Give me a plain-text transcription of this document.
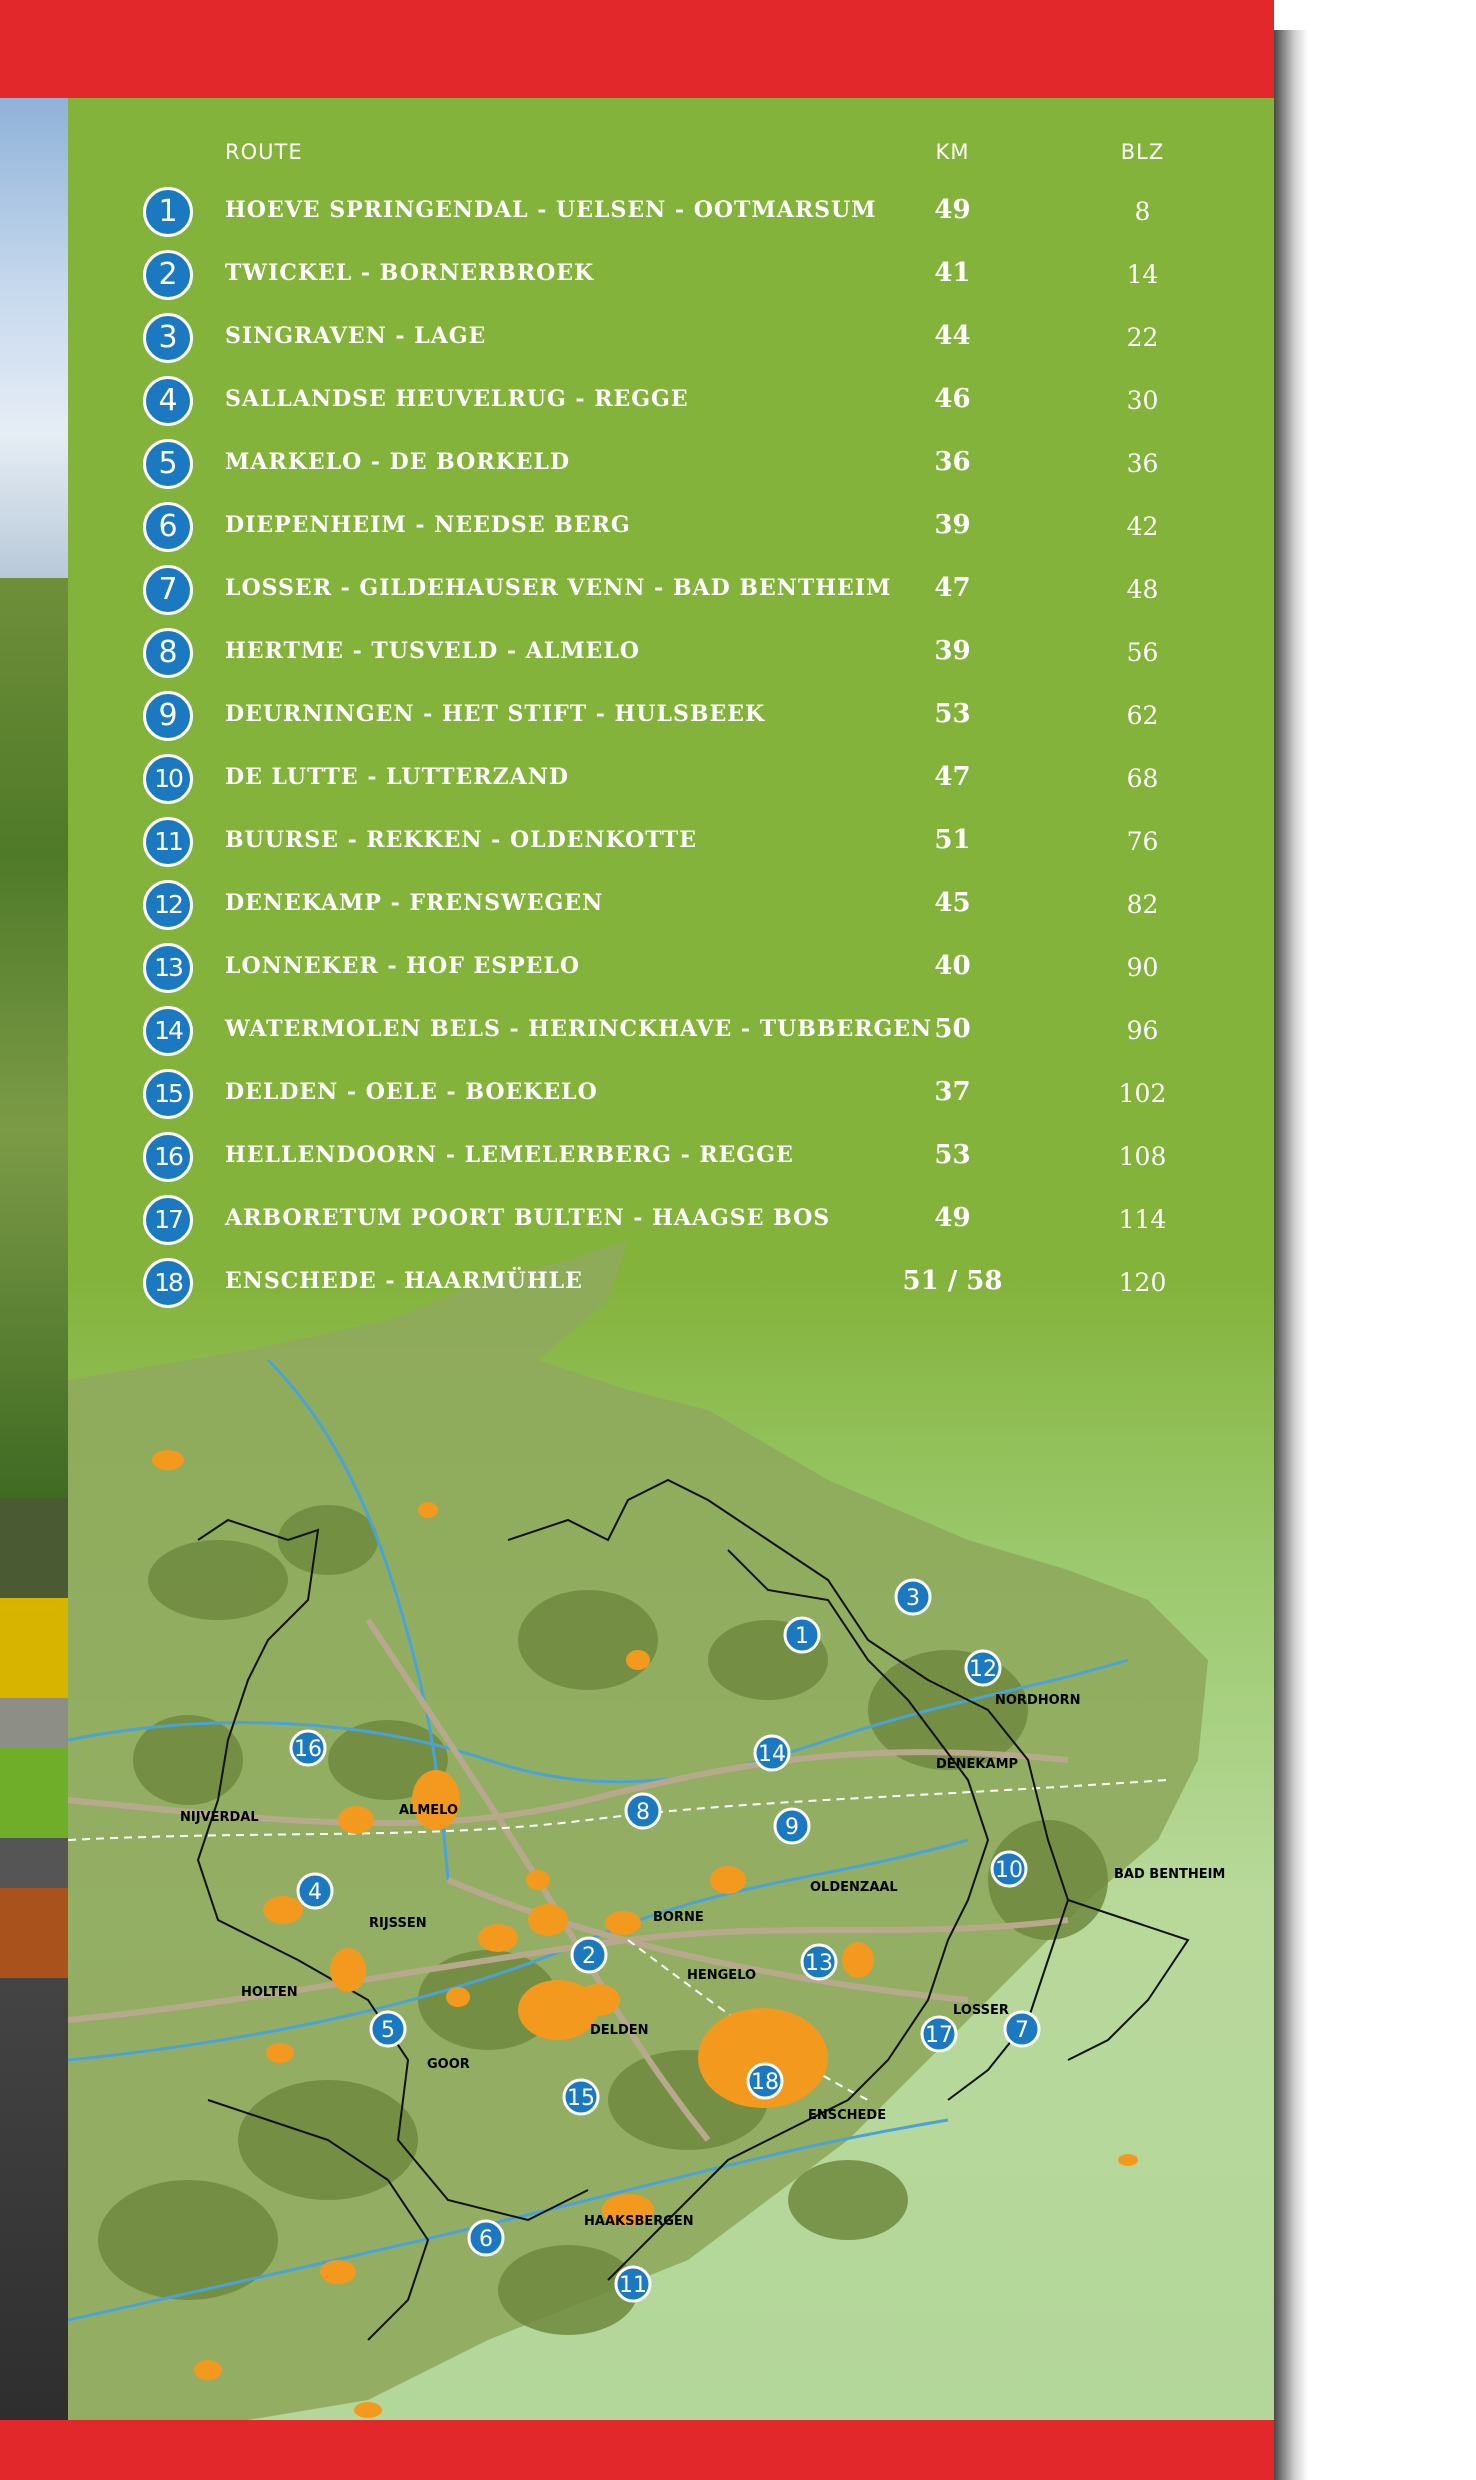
NORDHORN
DENEKAMP
BAD BENTHEIM
ALMELO
NIJVERDAL
OLDENZAAL
RIJSSEN	BORNE
HENGELO
HOLTEN
LOSSER
DELDEN
GOOR
ENSCHEDE
HAAKSBERGEN
1
3
12
16	14
8
9
4
10
2	13
5	17	7
18
15
6
11
ROUTE	KM	BLZ
1	HOEVE SPRINGENDAL - UELSEN - OOTMARSUM	49	8
2	TWICKEL - BORNERBROEK	41	14
3	SINGRAVEN - LAGE	44	22
4	SALLANDSE HEUVELRUG - REGGE	46	30
5	MARKELO - DE BORKELD	36	36
6	DIEPENHEIM - NEEDSE BERG	39	42
7	LOSSER - GILDEHAUSER VENN - BAD BENTHEIM	47	48
8	HERTME - TUSVELD - ALMELO	39	56
9	DEURNINGEN - HET STIFT - HULSBEEK	53	62
10	DE LUTTE - LUTTERZAND	47	68
11	BUURSE - REKKEN - OLDENKOTTE	51	76
12	DENEKAMP - FRENSWEGEN	45	82
13	LONNEKER - HOF ESPELO	40	90
14	WATERMOLEN BELS - HERINCKHAVE - TUBBERGEN 50	96
15	DELDEN - OELE - BOEKELO	37	102
16	HELLENDOORN - LEMELERBERG - REGGE	53	108
17	ARBORETUM POORT BULTEN - HAAGSE BOS	49	114
18	ENSCHEDE - HAARMÜHLE	51 / 58	120
